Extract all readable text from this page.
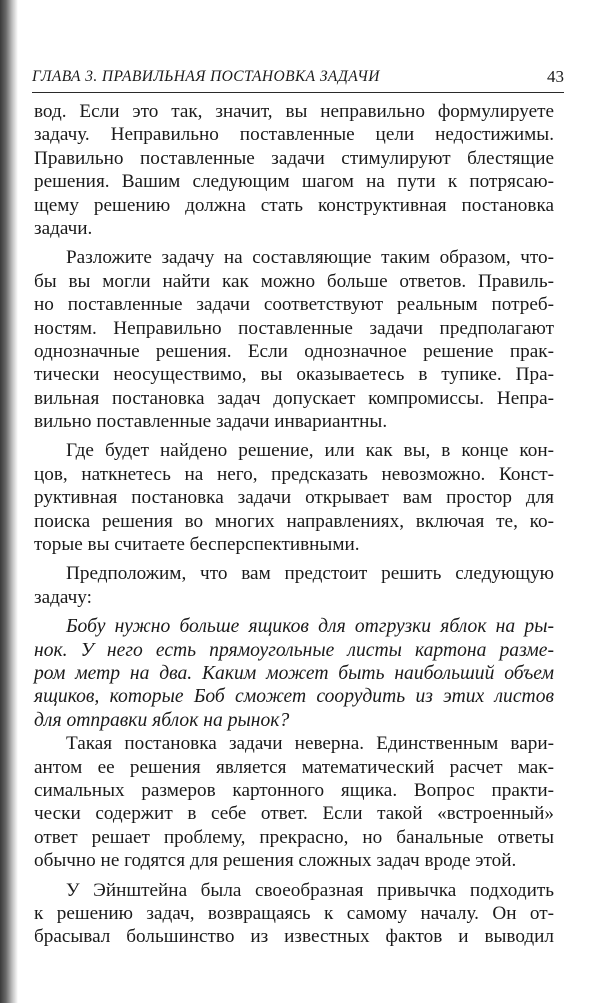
ГЛАВА 3. ПРАВИЛЬНАЯ ПОСТАНОВКА ЗАДАЧИ	43
вод. Если это так, значит, вы неправильно формулируете
задачу. Неправильно поставленные цели недостижимы.
Правильно поставленные задачи стимулируют блестящие
решения. Вашим следующим шагом на пути к потрясаю-
щему решению должна стать конструктивная постановка
задачи.
Разложите задачу на составляющие таким образом, что-
бы вы могли найти как можно больше ответов. Правиль-
но поставленные задачи соответствуют реальным потреб-
ностям. Неправильно поставленные задачи предполагают
однозначные решения. Если однозначное решение прак-
тически неосуществимо, вы оказываетесь в тупике. Пра-
вильная постановка задач допускает компромиссы. Непра-
вильно поставленные задачи инвариантны.
Где будет найдено решение, или как вы, в конце кон-
цов, наткнетесь на него, предсказать невозможно. Конст-
руктивная постановка задачи открывает вам простор для
поиска решения во многих направлениях, включая те, ко-
торые вы считаете бесперспективными.
Предположим, что вам предстоит решить следующую
задачу:
Бобу нужно больше ящиков для отгрузки яблок на ры-
нок. У него есть прямоугольные листы картона разме-
ром метр на два. Каким может быть наибольший объем
ящиков, которые Боб сможет соорудить из этих листов
для отправки яблок на рынок?
Такая постановка задачи неверна. Единственным вари-
антом ее решения является математический расчет мак-
симальных размеров картонного ящика. Вопрос практи-
чески содержит в себе ответ. Если такой «встроенный»
ответ решает проблему, прекрасно, но банальные ответы
обычно не годятся для решения сложных задач вроде этой.
У Эйнштейна была своеобразная привычка подходить
к решению задач, возвращаясь к самому началу. Он от-
брасывал большинство из известных фактов и выводил
